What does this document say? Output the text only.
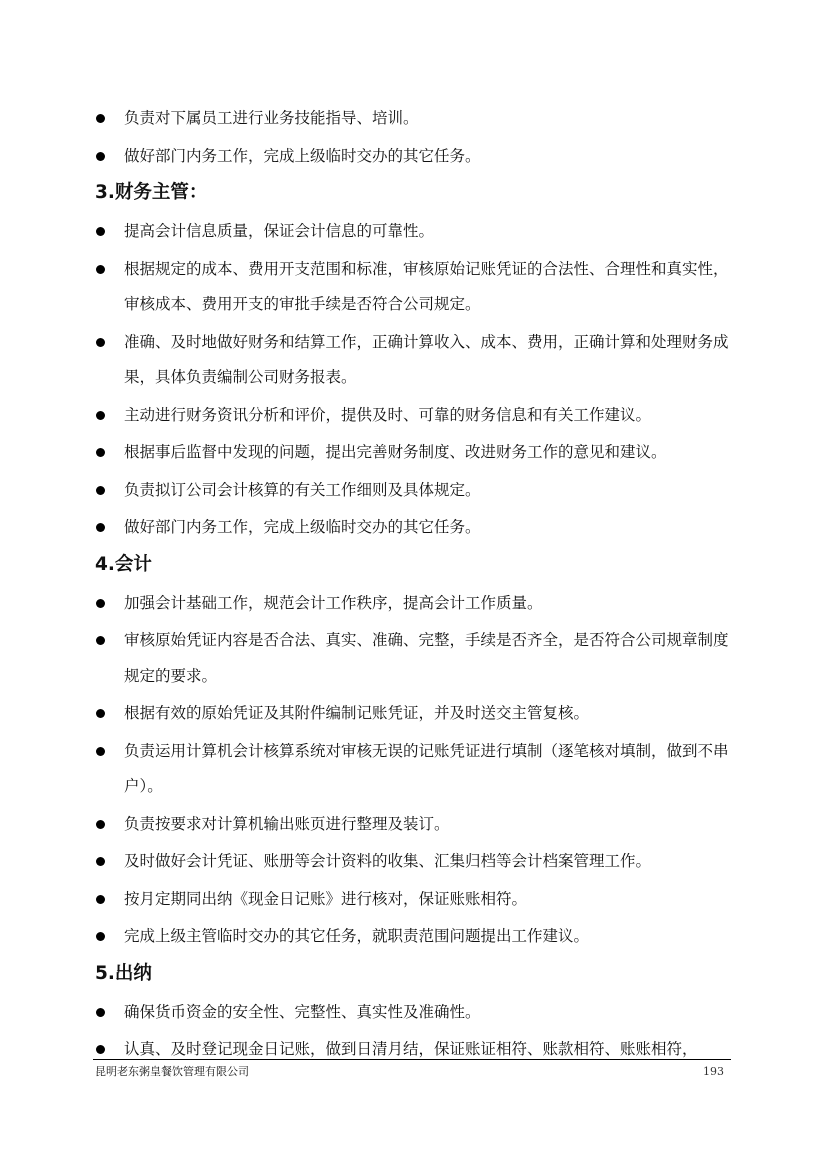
负责对下属员工进行业务技能指导、培训。
做好部门内务工作，完成上级临时交办的其它任务。
3.财务主管：
提高会计信息质量，保证会计信息的可靠性。
根据规定的成本、费用开支范围和标准，审核原始记账凭证的合法性、合理性和真实性，审核成本、费用开支的审批手续是否符合公司规定。
准确、及时地做好财务和结算工作，正确计算收入、成本、费用，正确计算和处理财务成果，具体负责编制公司财务报表。
主动进行财务资讯分析和评价，提供及时、可靠的财务信息和有关工作建议。
根据事后监督中发现的问题，提出完善财务制度、改进财务工作的意见和建议。
负责拟订公司会计核算的有关工作细则及具体规定。
做好部门内务工作，完成上级临时交办的其它任务。
4.会计
加强会计基础工作，规范会计工作秩序，提高会计工作质量。
审核原始凭证内容是否合法、真实、准确、完整，手续是否齐全，是否符合公司规章制度规定的要求。
根据有效的原始凭证及其附件编制记账凭证，并及时送交主管复核。
负责运用计算机会计核算系统对审核无误的记账凭证进行填制（逐笔核对填制，做到不串户）。
负责按要求对计算机输出账页进行整理及装订。
及时做好会计凭证、账册等会计资料的收集、汇集归档等会计档案管理工作。
按月定期同出纳《现金日记账》进行核对，保证账账相符。
完成上级主管临时交办的其它任务，就职责范围问题提出工作建议。
5.出纳
确保货币资金的安全性、完整性、真实性及准确性。
认真、及时登记现金日记账，做到日清月结，保证账证相符、账款相符、账账相符，
昆明老东粥皇餐饮管理有限公司	193
